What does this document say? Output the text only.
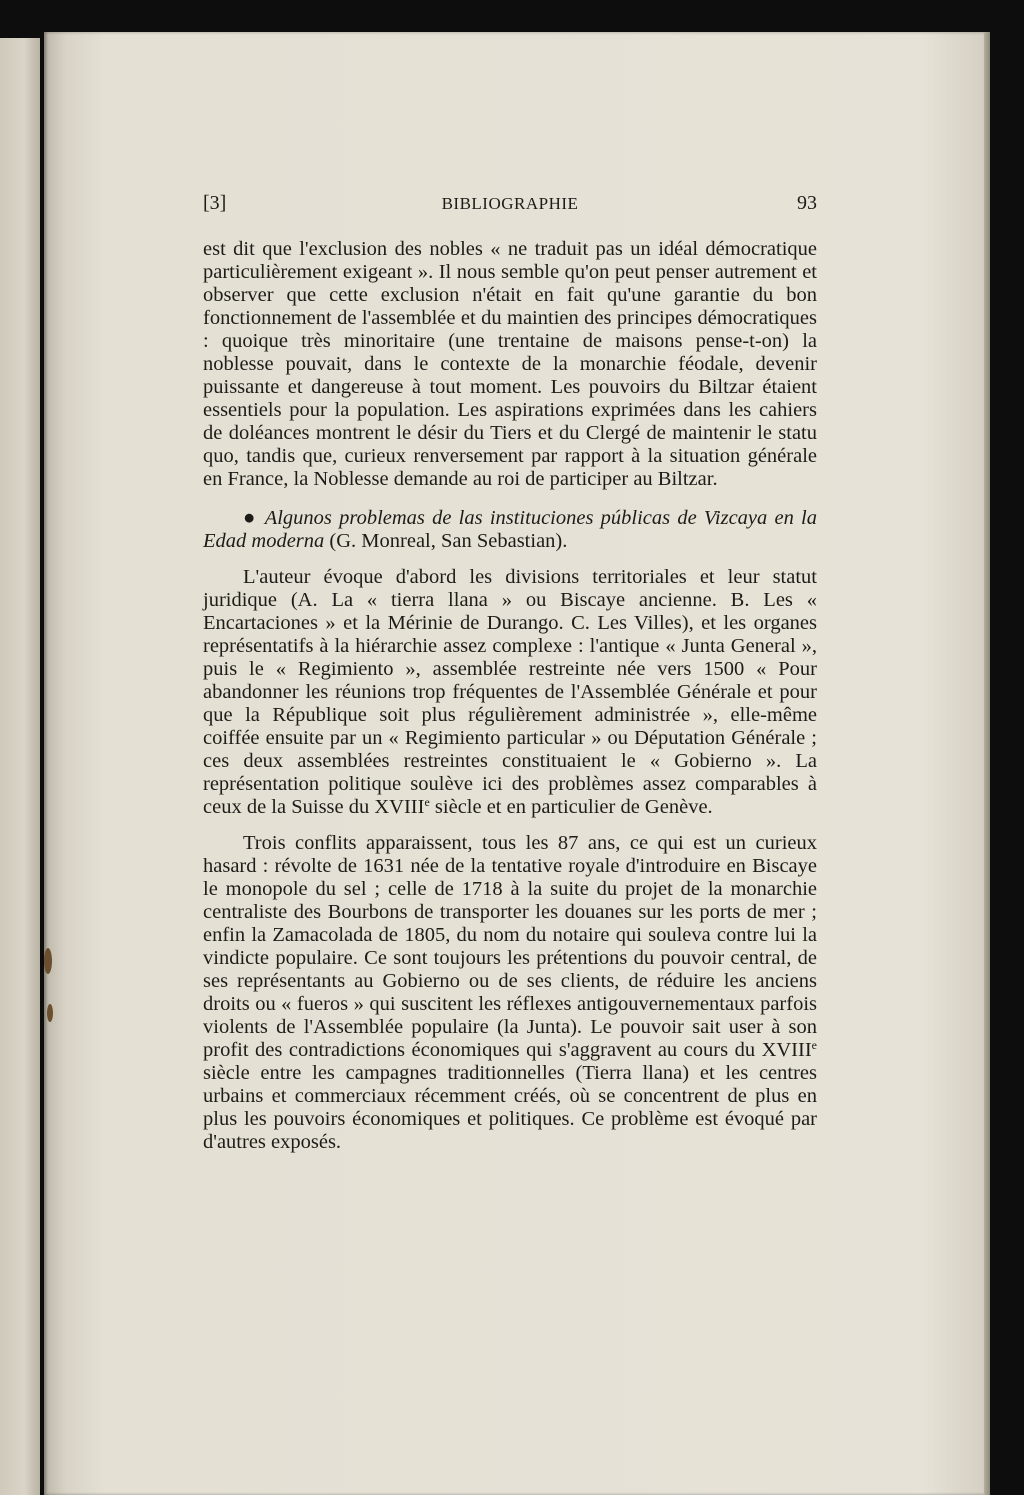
[3]	BIBLIOGRAPHIE	93

est dit que l'exclusion des nobles « ne traduit pas un idéal démocratique particulièrement exigeant ». Il nous semble qu'on peut penser autrement et observer que cette exclusion n'était en fait qu'une garantie du bon fonctionnement de l'assemblée et du maintien des principes démocratiques : quoique très minoritaire (une trentaine de maisons pense-t-on) la noblesse pouvait, dans le contexte de la monarchie féodale, devenir puissante et dangereuse à tout moment. Les pouvoirs du Biltzar étaient essentiels pour la population. Les aspirations exprimées dans les cahiers de doléances montrent le désir du Tiers et du Clergé de maintenir le statu quo, tandis que, curieux renversement par rapport à la situation générale en France, la Noblesse demande au roi de participer au Biltzar.

● Algunos problemas de las instituciones públicas de Vizcaya en la Edad moderna (G. Monreal, San Sebastian).

L'auteur évoque d'abord les divisions territoriales et leur statut juridique (A. La « tierra llana » ou Biscaye ancienne. B. Les « Encartaciones » et la Mérinie de Durango. C. Les Villes), et les organes représentatifs à la hiérarchie assez complexe : l'antique « Junta General », puis le « Regimiento », assemblée restreinte née vers 1500 « Pour abandonner les réunions trop fréquentes de l'Assemblée Générale et pour que la République soit plus régulièrement administrée », elle-même coiffée ensuite par un « Regimiento particular » ou Députation Générale ; ces deux assemblées restreintes constituaient le « Gobierno ». La représentation politique soulève ici des problèmes assez comparables à ceux de la Suisse du XVIIIe siècle et en particulier de Genève.

Trois conflits apparaissent, tous les 87 ans, ce qui est un curieux hasard : révolte de 1631 née de la tentative royale d'introduire en Biscaye le monopole du sel ; celle de 1718 à la suite du projet de la monarchie centraliste des Bourbons de transporter les douanes sur les ports de mer ; enfin la Zamacolada de 1805, du nom du notaire qui souleva contre lui la vindicte populaire. Ce sont toujours les prétentions du pouvoir central, de ses représentants au Gobierno ou de ses clients, de réduire les anciens droits ou « fueros » qui suscitent les réflexes antigouvernementaux parfois violents de l'Assemblée populaire (la Junta). Le pouvoir sait user à son profit des contradictions économiques qui s'aggravent au cours du XVIIIe siècle entre les campagnes traditionnelles (Tierra llana) et les centres urbains et commerciaux récemment créés, où se concentrent de plus en plus les pouvoirs économiques et politiques. Ce problème est évoqué par d'autres exposés.
